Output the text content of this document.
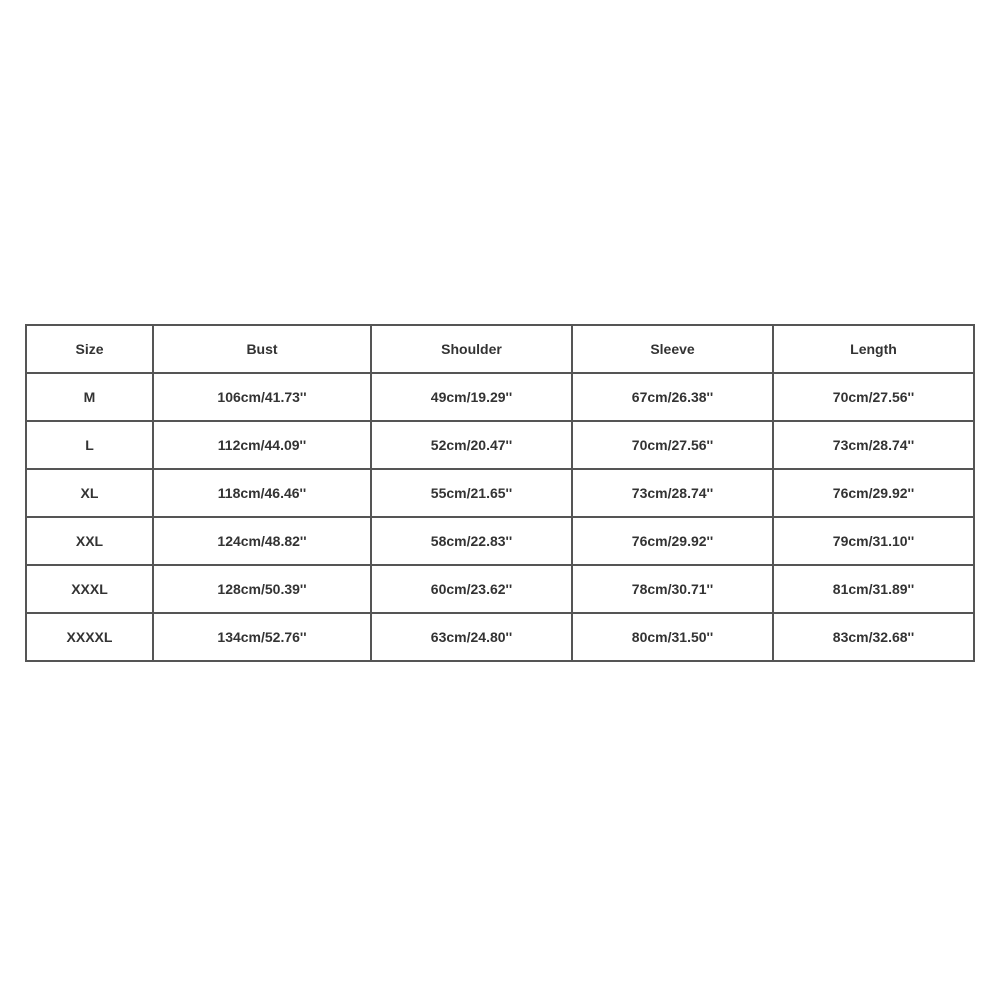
Size	Bust	Shoulder	Sleeve	Length
M	106cm/41.73''	49cm/19.29''	67cm/26.38''	70cm/27.56''
L	112cm/44.09''	52cm/20.47''	70cm/27.56''	73cm/28.74''
XL	118cm/46.46''	55cm/21.65''	73cm/28.74''	76cm/29.92''
XXL	124cm/48.82''	58cm/22.83''	76cm/29.92''	79cm/31.10''
XXXL	128cm/50.39''	60cm/23.62''	78cm/30.71''	81cm/31.89''
XXXXL	134cm/52.76''	63cm/24.80''	80cm/31.50''	83cm/32.68''
